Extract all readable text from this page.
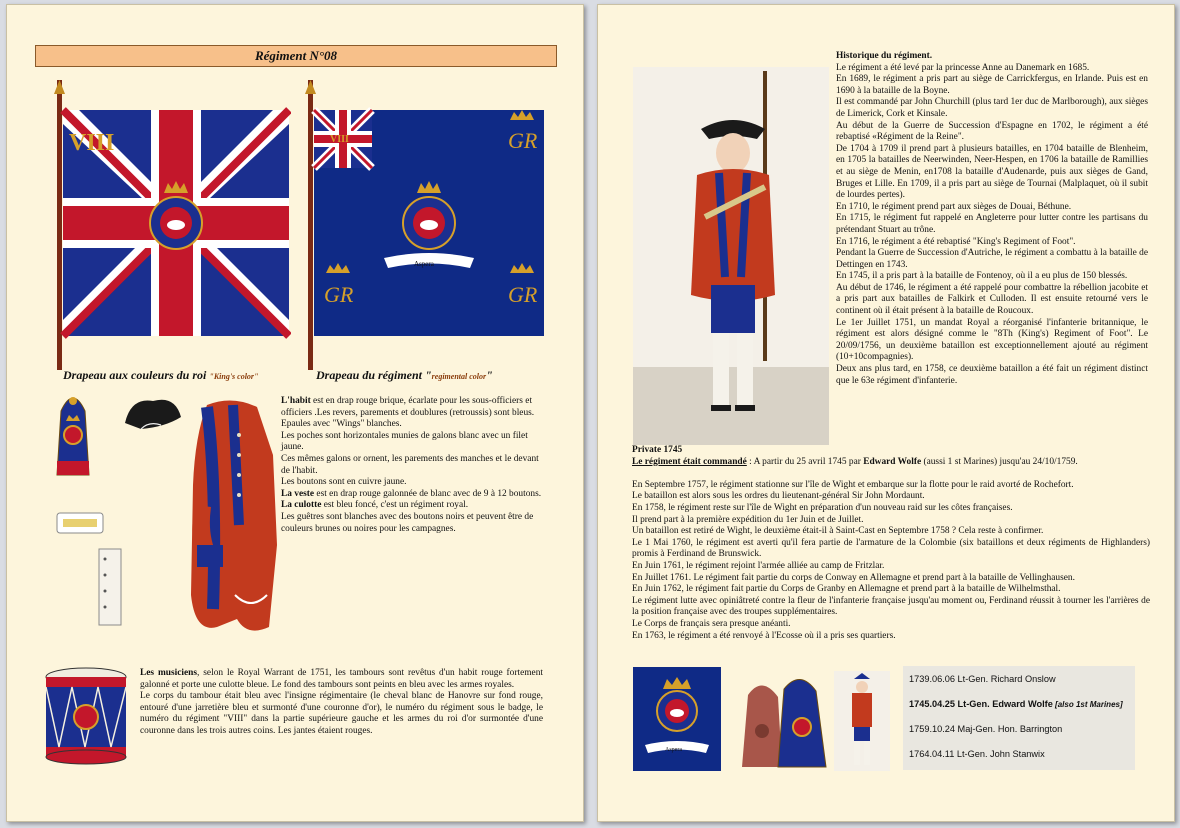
Régiment N°08
VIII	VIII	GR
GR	GR
Aspera
Drapeau aux couleurs du roi "King's color"	Drapeau du régiment "regimental color"

L'habit est en drap rouge brique, écarlate pour les sous-officiers et officiers .Les revers, parements et doublures (retroussis) sont bleus.

Epaules avec "Wings" blanches.

Les poches sont horizontales munies de galons blanc avec un filet jaune.

Ces mêmes galons or ornent, les parements des manches et le devant de l'habit.

Les boutons sont en cuivre jaune.

La veste est en drap rouge galonnée de blanc avec de 9 à 12 boutons.

La culotte est bleu foncé, c'est un régiment royal.

Les guêtres sont blanches avec des boutons noirs et peuvent être de couleurs brunes ou noires pour les campagnes.

Les musiciens, selon le Royal Warrant de 1751, les tambours sont revêtus d'un habit rouge fortement galonné et porte une culotte bleue. Le fond des tambours sont peints en bleu avec les armes royales.

Le corps du tambour était bleu avec l'insigne régimentaire (le cheval blanc de Hanovre sur fond rouge, entouré d'une jarretière bleu et surmonté d'une couronne d'or), le numéro du régiment sous le badge, le numéro du régiment "VIII" dans la partie supérieure gauche et les armes du roi d'or surmontée d'une couronne dans les trois autres coins. Les jantes étaient rouges.

Historique du régiment.

Le régiment a été levé par la princesse Anne au Danemark en 1685.

En 1689, le régiment a pris part au siège de Carrickfergus, en Irlande. Puis est en 1690 à la bataille de la Boyne.

Il est commandé par John Churchill (plus tard 1er duc de Marlborough), aux sièges de Limerick, Cork et Kinsale.

Au début de la Guerre de Succession d'Espagne en 1702, le régiment a été rebaptisé «Régiment de la Reine".

De 1704 à 1709 il prend part à plusieurs batailles, en 1704 bataille de Blenheim, en 1705 la batailles de Neerwinden, Neer-Hespen, en 1706 la bataille de Ramillies et au siège de Menin, en1708 la bataille d'Audenarde, puis aux sièges de Gand, Bruges et Lille. En 1709, il a pris part au siège de Tournai (Malplaquet, où il subit de lourdes pertes).

En 1710, le régiment prend part aux sièges de Douai, Béthune.

En 1715, le régiment fut rappelé en Angleterre pour lutter contre les partisans du prétendant Stuart au trône.

En 1716, le régiment a été rebaptisé "King's Regiment of Foot".

Pendant la Guerre de Succession d'Autriche, le régiment a combattu à la bataille de Dettingen en 1743.

En 1745, il a pris part à la bataille de Fontenoy, où il a eu plus de 150 blessés.

Au début de 1746, le régiment a été rappelé pour combattre la rébellion jacobite et a pris part aux batailles de Falkirk et Culloden. Il est ensuite retourné vers le continent où il était présent à la bataille de Roucoux.

Le 1er Juillet 1751, un mandat Royal a réorganisé l'infanterie britannique, le régiment est alors désigné comme le "8Th (King's) Regiment of Foot". Le 20/09/1756, un deuxième bataillon est exceptionnellement ajouté au régiment (10+10compagnies).

Deux ans plus tard, en 1758, ce deuxième bataillon a été fait un régiment distinct que le 63e régiment d'infanterie.

Private 1745

Le régiment était commandé : A partir du 25 avril 1745 par Edward Wolfe (aussi 1 st Marines) jusqu'au 24/10/1759.

En Septembre 1757, le régiment stationne sur l'île de Wight et embarque sur la flotte pour le raid avorté de Rochefort.

Le bataillon est alors sous les ordres du lieutenant-général Sir John Mordaunt.

En 1758, le régiment reste sur l'île de Wight en préparation d'un nouveau raid sur les côtes françaises.

Il prend part à la première expédition du 1er Juin et de Juillet.

Un bataillon est retiré de Wight, le deuxième était-il à Saint-Cast en Septembre 1758 ? Cela reste à confirmer.

Le 1 Mai 1760, le régiment est averti qu'il fera partie de l'armature de la Colombie (six bataillons et deux régiments de Highlanders) promis à Ferdinand de Brunswick.

En Juin 1761, le régiment rejoint l'armée alliée au camp de Fritzlar.

En Juillet 1761. Le régiment fait partie du corps de Conway en Allemagne et prend part à la bataille de Vellinghausen.

En Juin 1762, le régiment fait partie du Corps de Granby en Allemagne et prend part à la bataille de Wilhelmsthal.

Le régiment lutte avec opiniâtreté contre la fleur de l'infanterie française jusqu'au moment ou, Ferdinand réussit à tourner les l'arrières de la position française avec des troupes supplémentaires.

Le Corps de français sera presque anéanti.

En 1763, le régiment a été renvoyé à l'Ecosse où il a pris ses quartiers.

Aspera
1739.06.06 Lt-Gen. Richard Onslow
1745.04.25 Lt-Gen. Edward Wolfe [also 1st Marines]
1759.10.24 Maj-Gen. Hon. Barrington
1764.04.11 Lt-Gen. John Stanwix
